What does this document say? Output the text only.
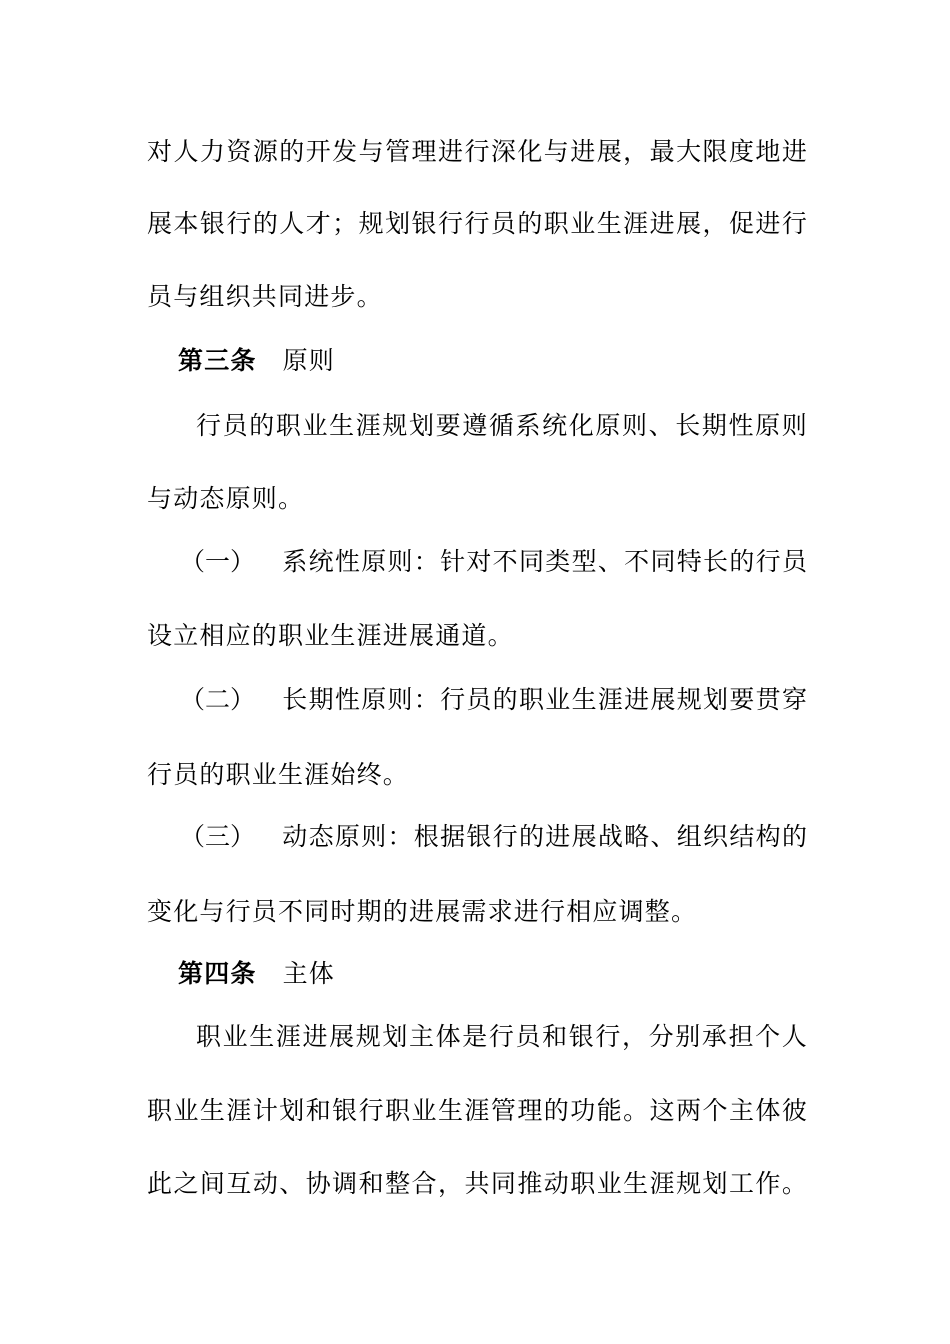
对 人 力 资 源 的 开 发 与 管 理 进 行 深 化 与 进 展 ， 最 大 限 度 地 进
展 本 银 行 的 人 才 ； 规 划 银 行 行 员 的 职 业 生 涯 进 展 ， 促 进 行
员与组织共同进步。
第三条 原则
行 员 的 职 业 生 涯 规 划 要 遵 循 系 统 化 原 则 、 长 期 性 原 则
与动态原则。
（一） 系 统 性 原 则 ： 针 对 不 同 类 型 、 不 同 特 长 的 行 员
设立相应的职业生涯进展通道。
（二） 长 期 性 原 则 ： 行 员 的 职 业 生 涯 进 展 规 划 要 贯 穿
行员的职业生涯始终。
（三） 动 态 原 则 ： 根 据 银 行 的 进 展 战 略 、 组 织 结 构 的
变化与行员不同时期的进展需求进行相应调整。
第四条 主体
职 业 生 涯 进 展 规 划 主 体 是 行 员 和 银 行 ， 分 别 承 担 个 人
职 业 生 涯 计 划 和 银 行 职 业 生 涯 管 理 的 功 能 。 这 两 个 主 体 彼
此 之 间 互 动 、 协 调 和 整 合 ， 共 同 推 动 职 业 生 涯 规 划 工 作 。
